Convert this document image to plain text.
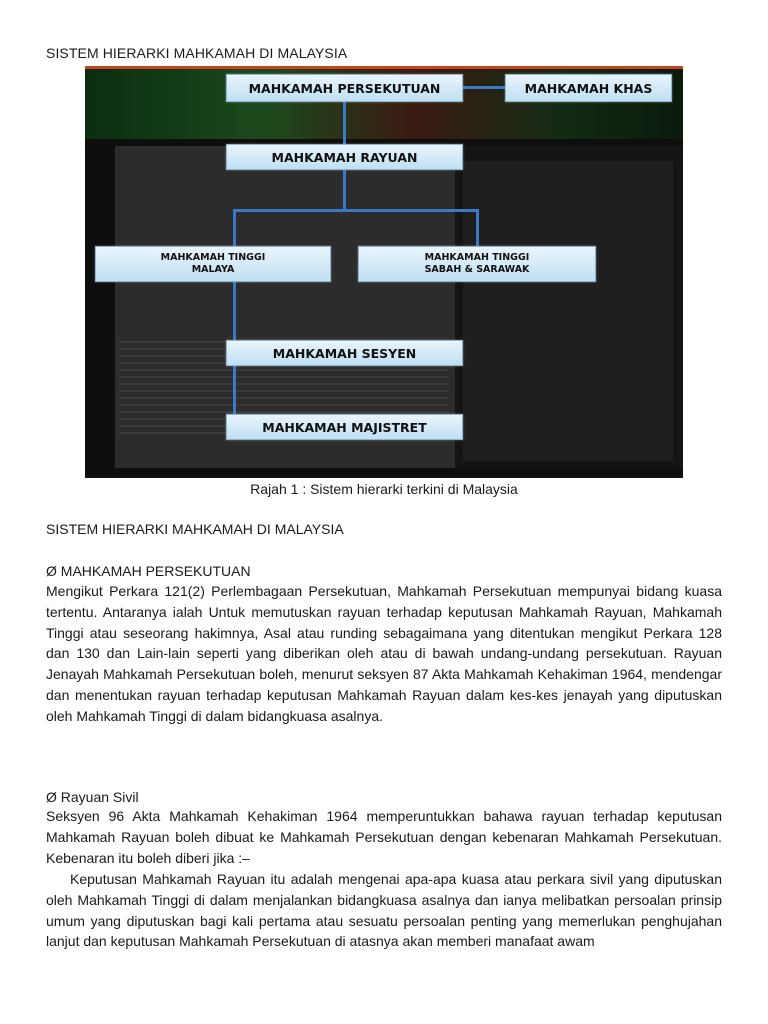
SISTEM HIERARKI MAHKAMAH DI MALAYSIA
MAHKAMAH PERSEKUTUAN	MAHKAMAH KHAS
MAHKAMAH RAYUAN
MAHKAMAH TINGGI
MALAYA
MAHKAMAH TINGGI
SABAH & SARAWAK
MAHKAMAH SESYEN
MAHKAMAH MAJISTRET
Rajah 1 : Sistem hierarki terkini di Malaysia
SISTEM HIERARKI MAHKAMAH DI MALAYSIA
Ø MAHKAMAH PERSEKUTUAN

Mengikut Perkara 121(2) Perlembagaan Persekutuan, Mahkamah Persekutuan mempunyai bidang kuasa tertentu. Antaranya ialah Untuk memutuskan rayuan terhadap keputusan Mahkamah Rayuan, Mahkamah Tinggi atau seseorang hakimnya, Asal atau runding sebagaimana yang ditentukan mengikut Perkara 128 dan 130 dan Lain-lain seperti yang diberikan oleh atau di bawah undang-undang persekutuan. Rayuan Jenayah Mahkamah Persekutuan boleh, menurut seksyen 87 Akta Mahkamah Kehakiman 1964, mendengar dan menentukan rayuan terhadap keputusan Mahkamah Rayuan dalam kes-kes jenayah yang diputuskan oleh Mahkamah Tinggi di dalam bidangkuasa asalnya.

Ø Rayuan Sivil

Seksyen 96 Akta Mahkamah Kehakiman 1964 memperuntukkan bahawa rayuan terhadap keputusan Mahkamah Rayuan boleh dibuat ke Mahkamah Persekutuan dengan kebenaran Mahkamah Persekutuan. Kebenaran itu boleh diberi jika :–

Keputusan Mahkamah Rayuan itu adalah mengenai apa-apa kuasa atau perkara sivil yang diputuskan oleh Mahkamah Tinggi di dalam menjalankan bidangkuasa asalnya dan ianya melibatkan persoalan prinsip umum yang diputuskan bagi kali pertama atau sesuatu persoalan penting yang memerlukan penghujahan lanjut dan keputusan Mahkamah Persekutuan di atasnya akan memberi manafaat awam
